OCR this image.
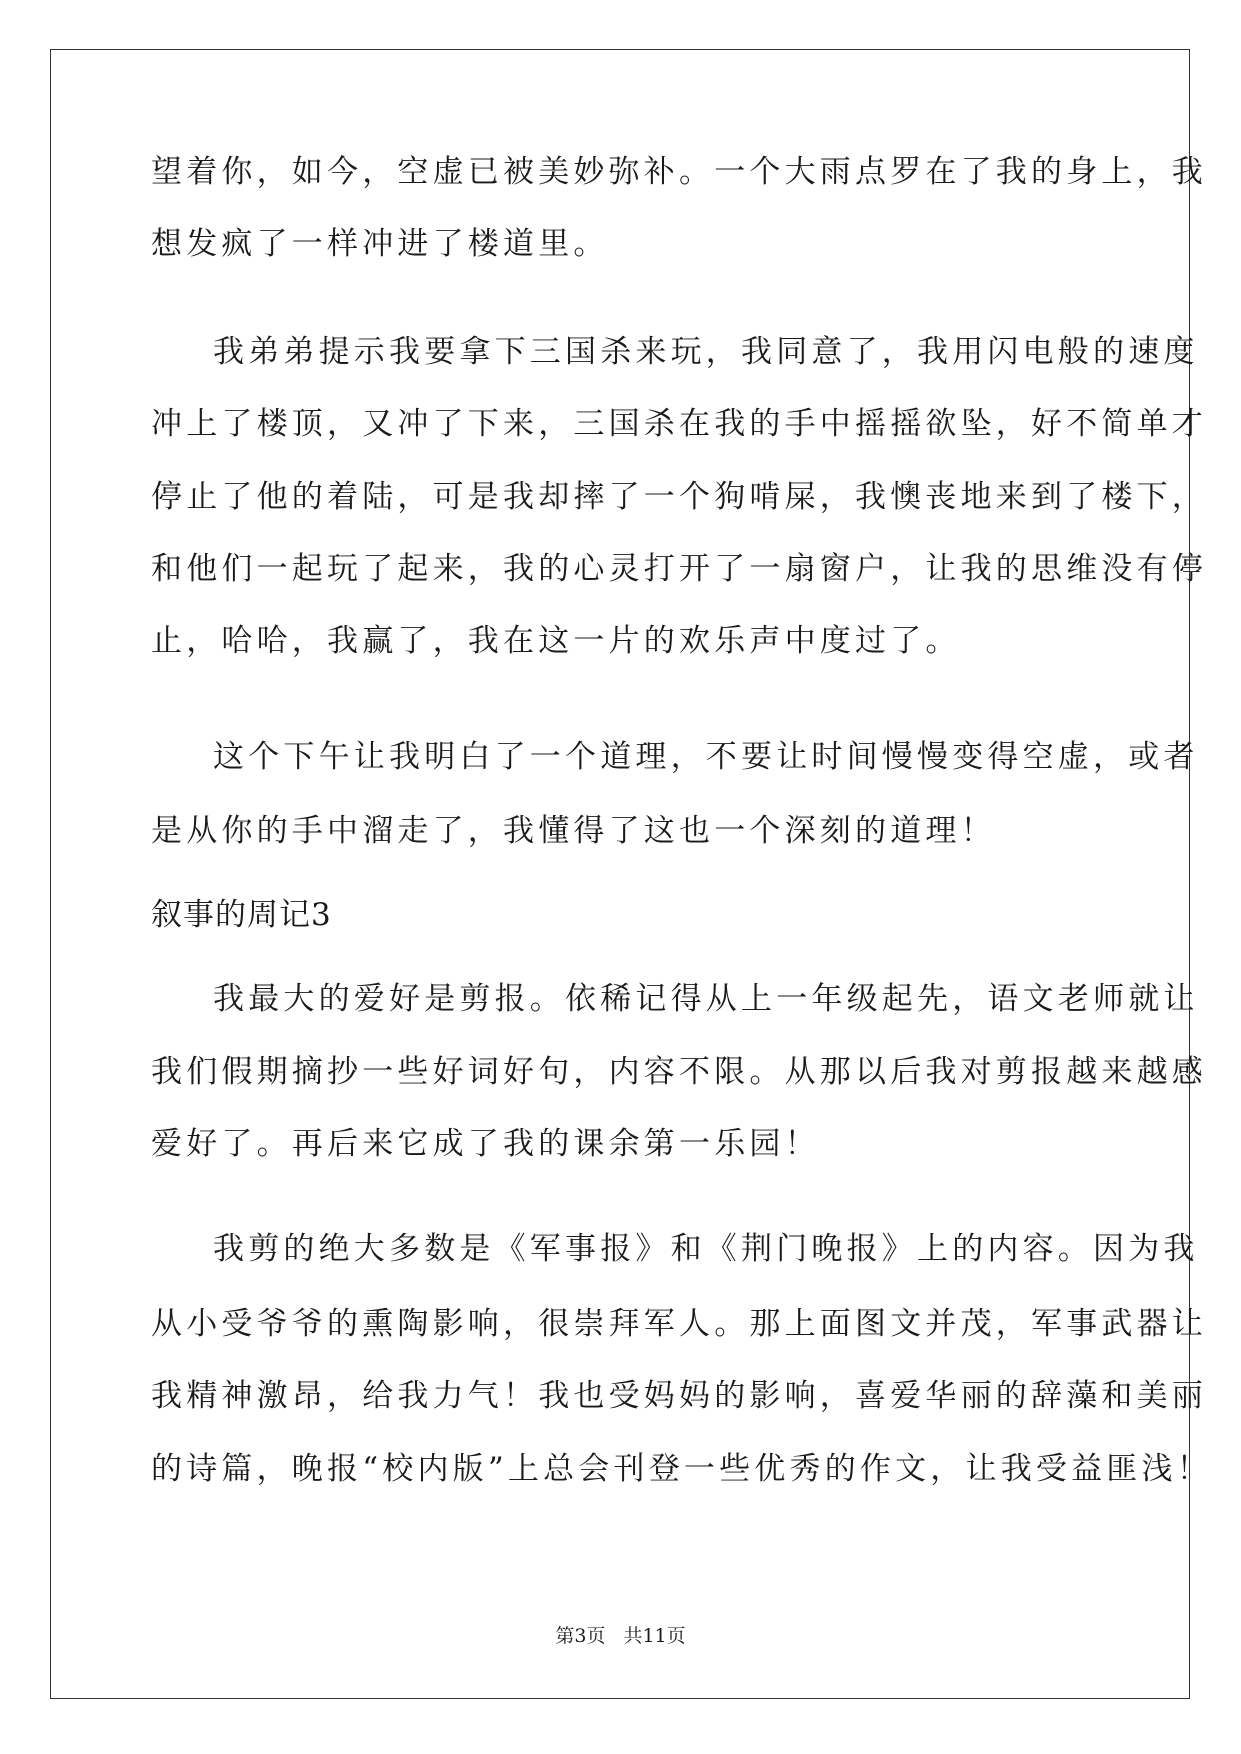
望着你，如今，空虚已被美妙弥补。一个大雨点罗在了我的身上，我
想发疯了一样冲进了楼道里。
我弟弟提示我要拿下三国杀来玩，我同意了，我用闪电般的速度
冲上了楼顶，又冲了下来，三国杀在我的手中摇摇欲坠，好不简单才
停止了他的着陆，可是我却摔了一个狗啃屎，我懊丧地来到了楼下，
和他们一起玩了起来，我的心灵打开了一扇窗户，让我的思维没有停
止，哈哈，我赢了，我在这一片的欢乐声中度过了。
这个下午让我明白了一个道理，不要让时间慢慢变得空虚，或者
是从你的手中溜走了，我懂得了这也一个深刻的道理！
叙事的周记3
我最大的爱好是剪报。依稀记得从上一年级起先，语文老师就让
我们假期摘抄一些好词好句，内容不限。从那以后我对剪报越来越感
爱好了。再后来它成了我的课余第一乐园！
我剪的绝大多数是《军事报》和《荆门晚报》上的内容。因为我
从小受爷爷的熏陶影响，很崇拜军人。那上面图文并茂，军事武器让
我精神激昂，给我力气！我也受妈妈的影响，喜爱华丽的辞藻和美丽
的诗篇，晚报“校内版”上总会刊登一些优秀的作文，让我受益匪浅！
第3页 共11页
